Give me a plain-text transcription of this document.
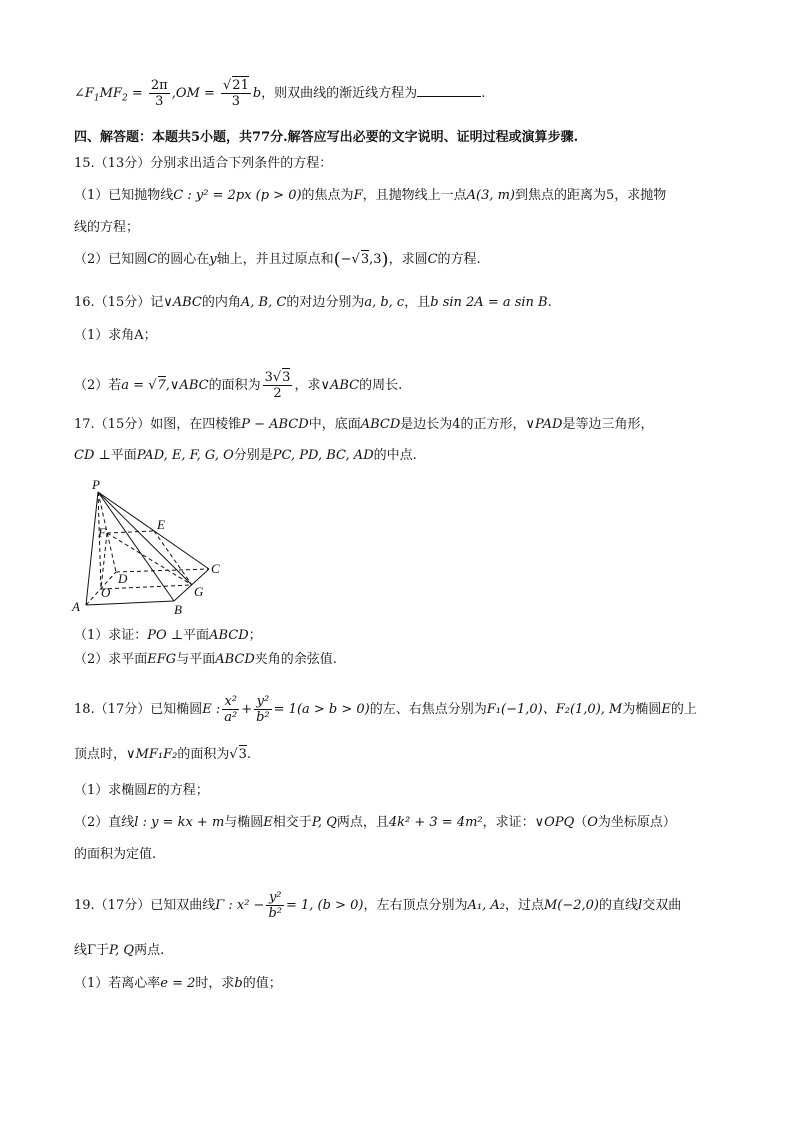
$\angle F_1MF_2 = \frac{2\pi}{3} ,OM = \frac{√21}{3}$ b，则双曲线的渐近线方程为	.
四、解答题：本题共5小题，共77分.解答应写出必要的文字说明、证明过程或演算步骤.
15.（13分）分别求出适合下列条件的方程：
（1）已知抛物线C : y² = 2px (p > 0)的焦点为F，且抛物线上一点A(3, m)到焦点的距离为5，求抛物
线的方程；
（2）已知圆C的圆心在y轴上，并且过原点和(−√3,3)，求圆C的方程.
16.（15分）记∨ABC的内角A, B, C的对边分别为a, b, c，且b sin 2A = a sin B.
（1）求角A；
（2）若a = √7,∨ABC的面积为 $\frac{3√3}{2}$ ，求∨ABC的周长.
17.（15分）如图，在四棱锥P − ABCD中，底面ABCD是边长为4的正方形，∨PAD是等边三角形，
CD ⊥平面PAD, E, F, G, O分别是PC, PD, BC, AD的中点.
P
E
F
C
D
O	G
A	B
（1）求证：PO ⊥平面ABCD；
（2）求平面EFG与平面ABCD夹角的余弦值.
18.（17分）已知椭圆E : $\frac{\text{x²}}{\text{a²}} + \frac{\text{y²}}{\text{b²}} = 1(a > b > 0)$的左、右焦点分别为F₁(−1,0)、F₂(1,0), M为椭圆E的上
顶点时，∨MF₁F₂的面积为√3.
（1）求椭圆E的方程；
（2）直线l : y = kx + m与椭圆E相交于P, Q两点，且4k² + 3 = 4m²，求证：∨OPQ（O为坐标原点）
的面积为定值.
19.（17分）已知双曲线Γ : $x^2 - \frac{\text{y²}}{\text{b²}} = 1$, (b > 0)，左右顶点分别为A₁, A₂，过点M(−2,0)的直线l交双曲
线Γ于P, Q两点.
（1）若离心率e = 2时，求b的值；
